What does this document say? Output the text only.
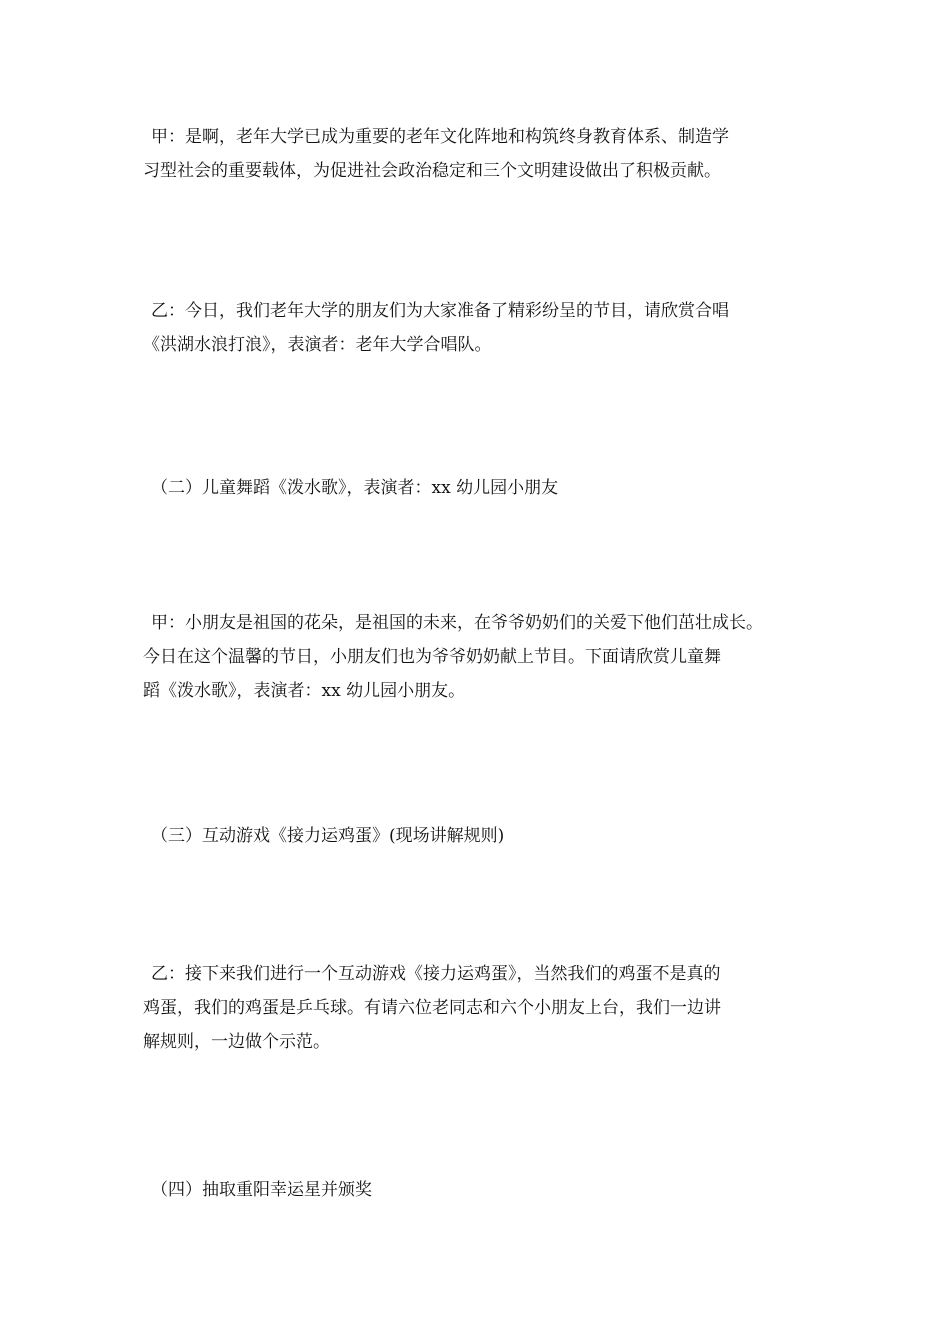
甲：是啊，老年大学已成为重要的老年文化阵地和构筑终身教育体系、制造学
习型社会的重要载体，为促进社会政治稳定和三个文明建设做出了积极贡献。
乙：今日，我们老年大学的朋友们为大家准备了精彩纷呈的节目，请欣赏合唱
《洪湖水浪打浪》，表演者：老年大学合唱队。
（二）儿童舞蹈《泼水歌》，表演者：xx 幼儿园小朋友
甲：小朋友是祖国的花朵，是祖国的未来，在爷爷奶奶们的关爱下他们茁壮成长。
今日在这个温馨的节日，小朋友们也为爷爷奶奶献上节目。下面请欣赏儿童舞
蹈《泼水歌》，表演者：xx 幼儿园小朋友。
（三）互动游戏《接力运鸡蛋》(现场讲解规则)
乙：接下来我们进行一个互动游戏《接力运鸡蛋》，当然我们的鸡蛋不是真的
鸡蛋，我们的鸡蛋是乒乓球。有请六位老同志和六个小朋友上台，我们一边讲
解规则，一边做个示范。
（四）抽取重阳幸运星并颁奖
